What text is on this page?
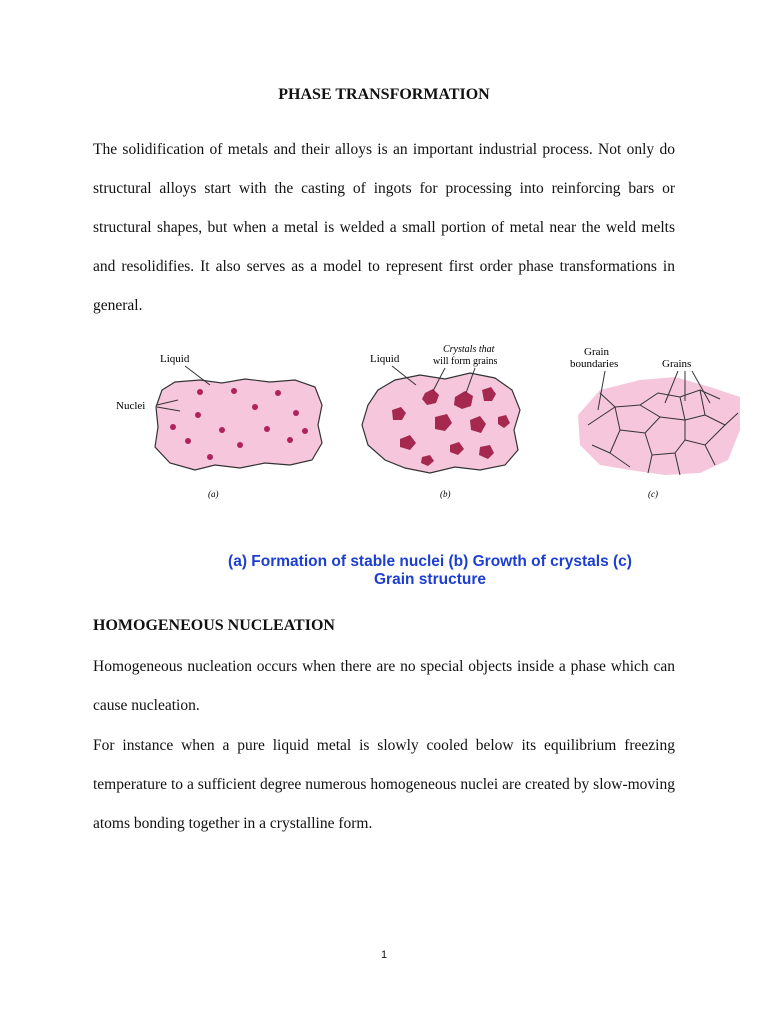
PHASE TRANSFORMATION

The solidification of metals and their alloys is an important industrial process. Not only do structural alloys start with the casting of ingots for processing into reinforcing bars or structural shapes, but when a metal is welded a small portion of metal near the weld melts and resolidifies. It also serves as a model to represent first order phase transformations in general.

Liquid
Nuclei
(a)
Liquid
Crystals that
will form grains
(b)
Grain
boundaries	Grains
(c)
(a) Formation of stable nuclei (b) Growth of crystals (c)
Grain structure
HOMOGENEOUS NUCLEATION

Homogeneous nucleation occurs when there are no special objects inside a phase which can cause nucleation.

For instance when a pure liquid metal is slowly cooled below its equilibrium freezing temperature to a sufficient degree numerous homogeneous nuclei are created by slow-moving atoms bonding together in a crystalline form.

1
